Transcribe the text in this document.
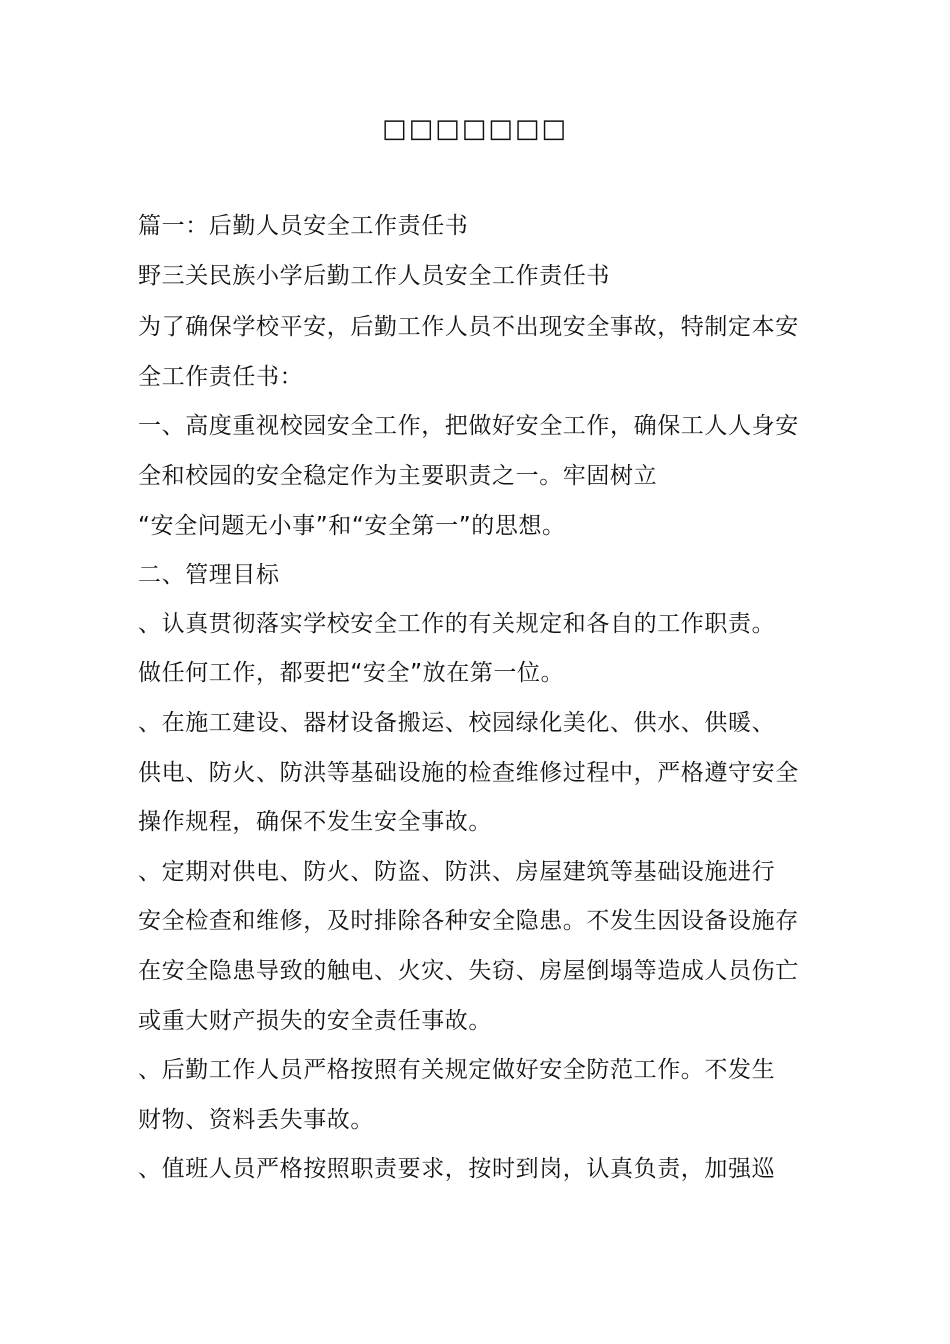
□□□□□□□
篇一：后勤人员安全工作责任书
野三关民族小学后勤工作人员安全工作责任书
为了确保学校平安，后勤工作人员不出现安全事故，特制定本安
全工作责任书：
一、高度重视校园安全工作，把做好安全工作，确保工人人身安
全和校园的安全稳定作为主要职责之一。牢固树立
“安全问题无小事”和“安全第一”的思想。
二、管理目标
、认真贯彻落实学校安全工作的有关规定和各自的工作职责。
做任何工作，都要把“安全”放在第一位。
、在施工建设、器材设备搬运、校园绿化美化、供水、供暖、
供电、防火、防洪等基础设施的检查维修过程中，严格遵守安全
操作规程，确保不发生安全事故。
、定期对供电、防火、防盗、防洪、房屋建筑等基础设施进行
安全检查和维修，及时排除各种安全隐患。不发生因设备设施存
在安全隐患导致的触电、火灾、失窃、房屋倒塌等造成人员伤亡
或重大财产损失的安全责任事故。
、后勤工作人员严格按照有关规定做好安全防范工作。不发生
财物、资料丢失事故。
、值班人员严格按照职责要求，按时到岗，认真负责，加强巡
